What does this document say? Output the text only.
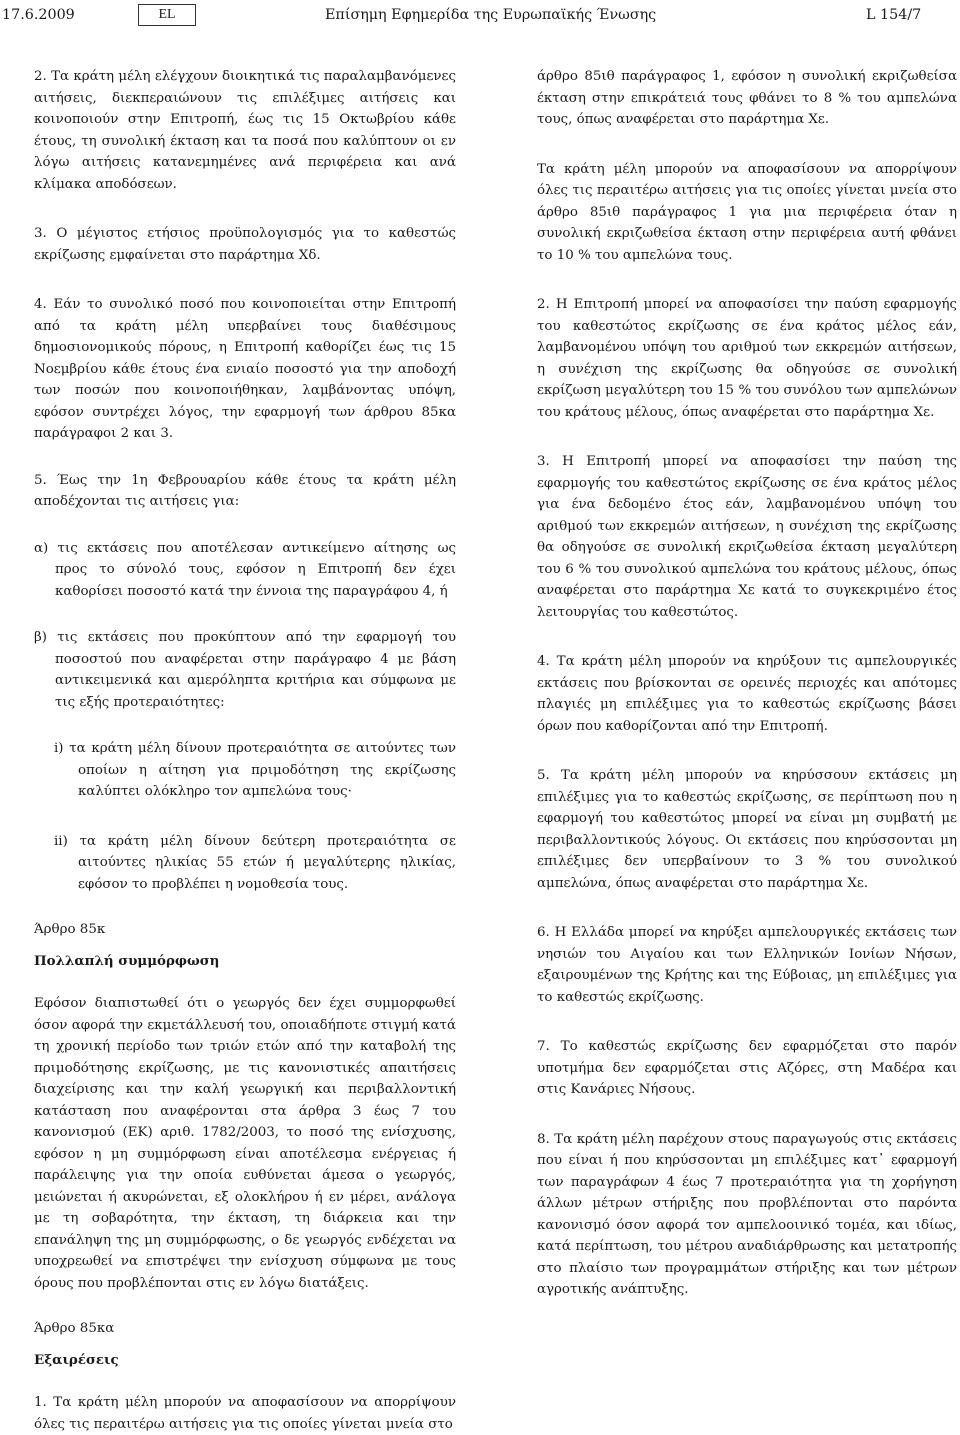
17.6.2009	EL	Επίσημη Εφημερίδα της Ευρωπαϊκής Ένωσης	L 154/7

2. Τα κράτη μέλη ελέγχουν διοικητικά τις παραλαμβανόμενες αιτήσεις, διεκπεραιώνουν τις επιλέξιμες αιτήσεις και κοινοποιούν στην Επιτροπή, έως τις 15 Οκτωβρίου κάθε έτους, τη συνολική έκταση και τα ποσά που καλύπτουν οι εν λόγω αιτήσεις κατανεμημένες ανά περιφέρεια και ανά κλίμακα αποδόσεων.

3. Ο μέγιστος ετήσιος προϋπολογισμός για το καθεστώς εκρίζωσης εμφαίνεται στο παράρτημα Χδ.

4. Εάν το συνολικό ποσό που κοινοποιείται στην Επιτροπή από τα κράτη μέλη υπερβαίνει τους διαθέσιμους δημοσιονομικούς πόρους, η Επιτροπή καθορίζει έως τις 15 Νοεμβρίου κάθε έτους ένα ενιαίο ποσοστό για την αποδοχή των ποσών που κοινοποιήθηκαν, λαμβάνοντας υπόψη, εφόσον συντρέχει λόγος, την εφαρμογή των άρθρου 85κα παράγραφοι 2 και 3.

5. Έως την 1η Φεβρουαρίου κάθε έτους τα κράτη μέλη αποδέχονται τις αιτήσεις για:

α) τις εκτάσεις που αποτέλεσαν αντικείμενο αίτησης ως προς το σύνολό τους, εφόσον η Επιτροπή δεν έχει καθορίσει ποσοστό κατά την έννοια της παραγράφου 4, ή

β) τις εκτάσεις που προκύπτουν από την εφαρμογή του ποσοστού που αναφέρεται στην παράγραφο 4 με βάση αντικειμενικά και αμερόληπτα κριτήρια και σύμφωνα με τις εξής προτεραιότητες:

i) τα κράτη μέλη δίνουν προτεραιότητα σε αιτούντες των οποίων η αίτηση για πριμοδότηση της εκρίζωσης καλύπτει ολόκληρο τον αμπελώνα τους·

ii) τα κράτη μέλη δίνουν δεύτερη προτεραιότητα σε αιτούντες ηλικίας 55 ετών ή μεγαλύτερης ηλικίας, εφόσον το προβλέπει η νομοθεσία τους.

Άρθρο 85κ

Πολλαπλή συμμόρφωση

Εφόσον διαπιστωθεί ότι ο γεωργός δεν έχει συμμορφωθεί όσον αφορά την εκμετάλλευσή του, οποιαδήποτε στιγμή κατά τη χρονική περίοδο των τριών ετών από την καταβολή της πριμοδότησης εκρίζωσης, με τις κανονιστικές απαιτήσεις διαχείρισης και την καλή γεωργική και περιβαλλοντική κατάσταση που αναφέρονται στα άρθρα 3 έως 7 του κανονισμού (ΕΚ) αριθ. 1782/2003, το ποσό της ενίσχυσης, εφόσον η μη συμμόρφωση είναι αποτέλεσμα ενέργειας ή παράλειψης για την οποία ευθύνεται άμεσα ο γεωργός, μειώνεται ή ακυρώνεται, εξ ολοκλήρου ή εν μέρει, ανάλογα με τη σοβαρότητα, την έκταση, τη διάρκεια και την επανάληψη της μη συμμόρφωσης, ο δε γεωργός ενδέχεται να υποχρεωθεί να επιστρέψει την ενίσχυση σύμφωνα με τους όρους που προβλέπονται στις εν λόγω διατάξεις.

Άρθρο 85κα

Εξαιρέσεις

1. Τα κράτη μέλη μπορούν να αποφασίσουν να απορρίψουν όλες τις περαιτέρω αιτήσεις για τις οποίες γίνεται μνεία στο

άρθρο 85ιθ παράγραφος 1, εφόσον η συνολική εκριζωθείσα έκταση στην επικράτειά τους φθάνει το 8 % του αμπελώνα τους, όπως αναφέρεται στο παράρτημα Χε.

Τα κράτη μέλη μπορούν να αποφασίσουν να απορρίψουν όλες τις περαιτέρω αιτήσεις για τις οποίες γίνεται μνεία στο άρθρο 85ιθ παράγραφος 1 για μια περιφέρεια όταν η συνολική εκριζωθείσα έκταση στην περιφέρεια αυτή φθάνει το 10 % του αμπελώνα τους.

2. Η Επιτροπή μπορεί να αποφασίσει την παύση εφαρμογής του καθεστώτος εκρίζωσης σε ένα κράτος μέλος εάν, λαμβανομένου υπόψη του αριθμού των εκκρεμών αιτήσεων, η συνέχιση της εκρίζωσης θα οδηγούσε σε συνολική εκρίζωση μεγαλύτερη του 15 % του συνόλου των αμπελώνων του κράτους μέλους, όπως αναφέρεται στο παράρτημα Χε.

3. Η Επιτροπή μπορεί να αποφασίσει την παύση της εφαρμογής του καθεστώτος εκρίζωσης σε ένα κράτος μέλος για ένα δεδομένο έτος εάν, λαμβανομένου υπόψη του αριθμού των εκκρεμών αιτήσεων, η συνέχιση της εκρίζωσης θα οδηγούσε σε συνολική εκριζωθείσα έκταση μεγαλύτερη του 6 % του συνολικού αμπελώνα του κράτους μέλους, όπως αναφέρεται στο παράρτημα Χε κατά το συγκεκριμένο έτος λειτουργίας του καθεστώτος.

4. Τα κράτη μέλη μπορούν να κηρύξουν τις αμπελουργικές εκτάσεις που βρίσκονται σε ορεινές περιοχές και απότομες πλαγιές μη επιλέξιμες για το καθεστώς εκρίζωσης βάσει όρων που καθορίζονται από την Επιτροπή.

5. Τα κράτη μέλη μπορούν να κηρύσσουν εκτάσεις μη επιλέξιμες για το καθεστώς εκρίζωσης, σε περίπτωση που η εφαρμογή του καθεστώτος μπορεί να είναι μη συμβατή με περιβαλλοντικούς λόγους. Οι εκτάσεις που κηρύσσονται μη επιλέξιμες δεν υπερβαίνουν το 3 % του συνολικού αμπελώνα, όπως αναφέρεται στο παράρτημα Χε.

6. Η Ελλάδα μπορεί να κηρύξει αμπελουργικές εκτάσεις των νησιών του Αιγαίου και των Ελληνικών Ιονίων Νήσων, εξαιρουμένων της Κρήτης και της Εύβοιας, μη επιλέξιμες για το καθεστώς εκρίζωσης.

7. Το καθεστώς εκρίζωσης δεν εφαρμόζεται στο παρόν υποτμήμα δεν εφαρμόζεται στις Αζόρες, στη Μαδέρα και στις Κανάριες Νήσους.

8. Τα κράτη μέλη παρέχουν στους παραγωγούς στις εκτάσεις που είναι ή που κηρύσσονται μη επιλέξιμες κατ᾽ εφαρμογή των παραγράφων 4 έως 7 προτεραιότητα για τη χορήγηση άλλων μέτρων στήριξης που προβλέπονται στο παρόντα κανονισμό όσον αφορά τον αμπελοοινικό τομέα, και ιδίως, κατά περίπτωση, του μέτρου αναδιάρθρωσης και μετατροπής στο πλαίσιο των προγραμμάτων στήριξης και των μέτρων αγροτικής ανάπτυξης.
